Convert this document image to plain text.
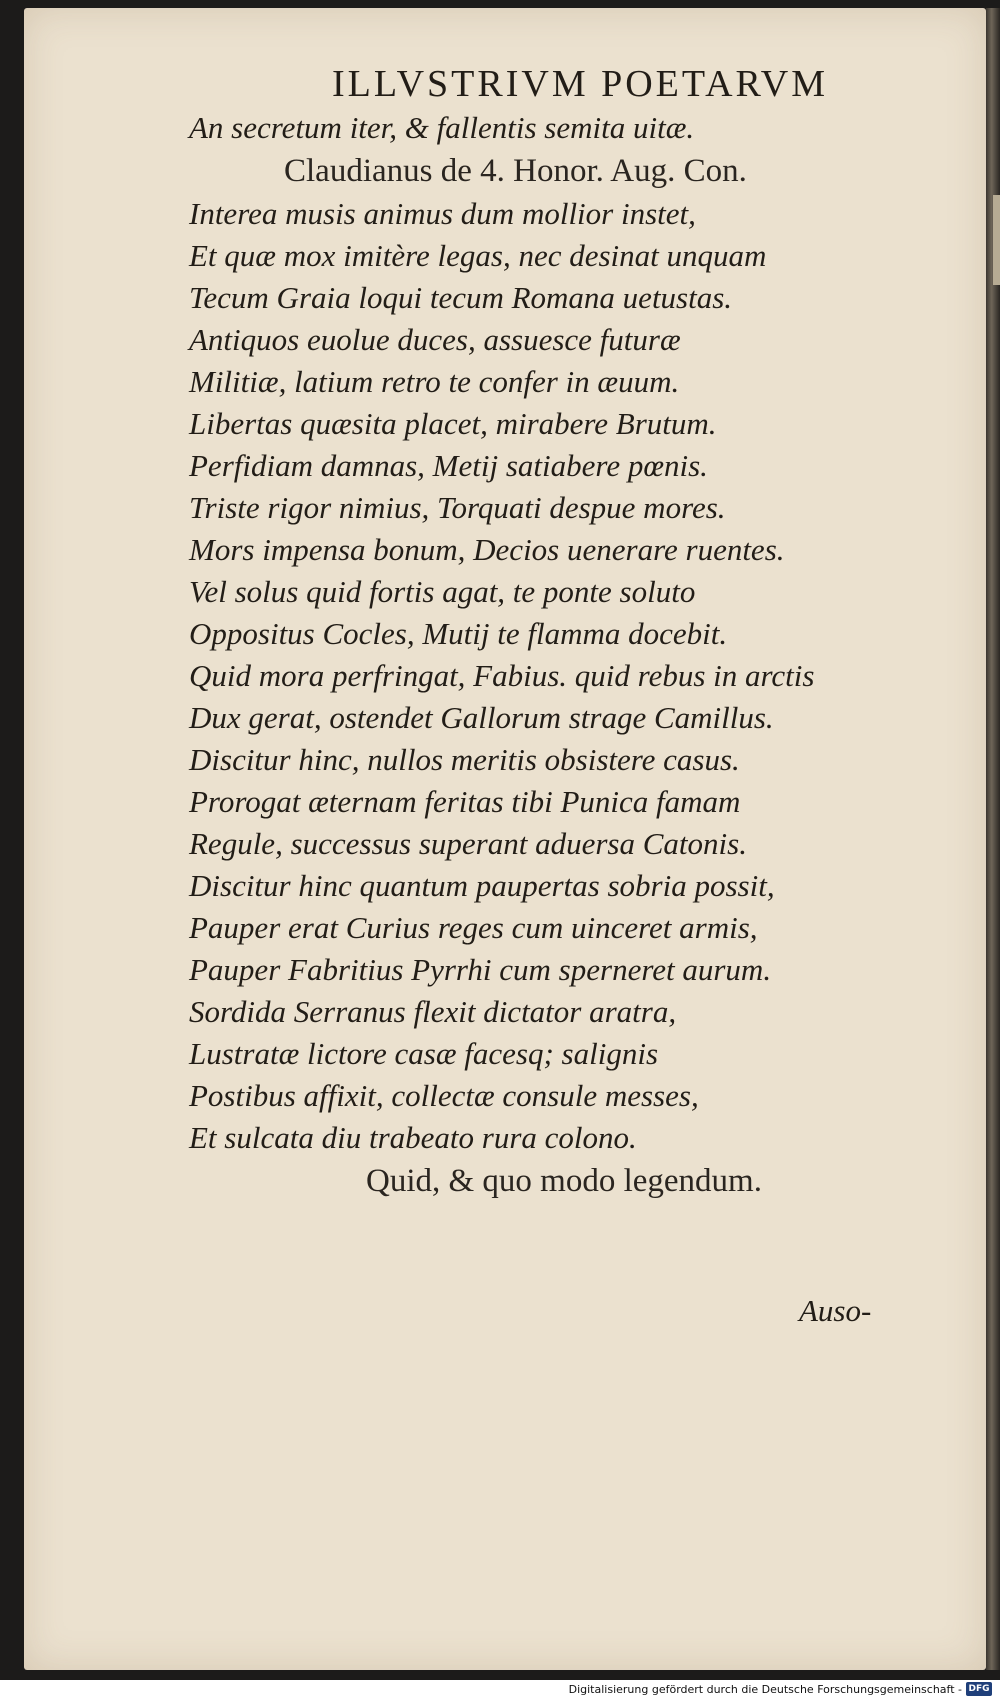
ILLVSTRIVM POETARVM
An secretum iter, & fallentis semita uitæ.
Claudianus de 4. Honor. Aug. Con.
Interea musis animus dum mollior instet,
Et quæ mox imitère legas, nec desinat unquam
Tecum Graia loqui tecum Romana uetustas.
Antiquos euolue duces, assuesce futuræ
Militiæ, latium retro te confer in æuum.
Libertas quæsita placet, mirabere Brutum.
Perfidiam damnas, Metij satiabere pœnis.
Triste rigor nimius, Torquati despue mores.
Mors impensa bonum, Decios uenerare ruentes.
Vel solus quid fortis agat, te ponte soluto
Oppositus Cocles, Mutij te flamma docebit.
Quid mora perfringat, Fabius. quid rebus in arctis
Dux gerat, ostendet Gallorum strage Camillus.
Discitur hinc, nullos meritis obsistere casus.
Prorogat æternam feritas tibi Punica famam
Regule, successus superant aduersa Catonis.
Discitur hinc quantum paupertas sobria possit,
Pauper erat Curius reges cum uinceret armis,
Pauper Fabritius Pyrrhi cum sperneret aurum.
Sordida Serranus flexit dictator aratra,
Lustratæ lictore casæ facesq; salignis
Postibus affixit, collectæ consule messes,
Et sulcata diu trabeato rura colono.
Quid, & quo modo legendum.
Auso-
Digitalisierung gefördert durch die Deutsche Forschungsgemeinschaft - DFG
